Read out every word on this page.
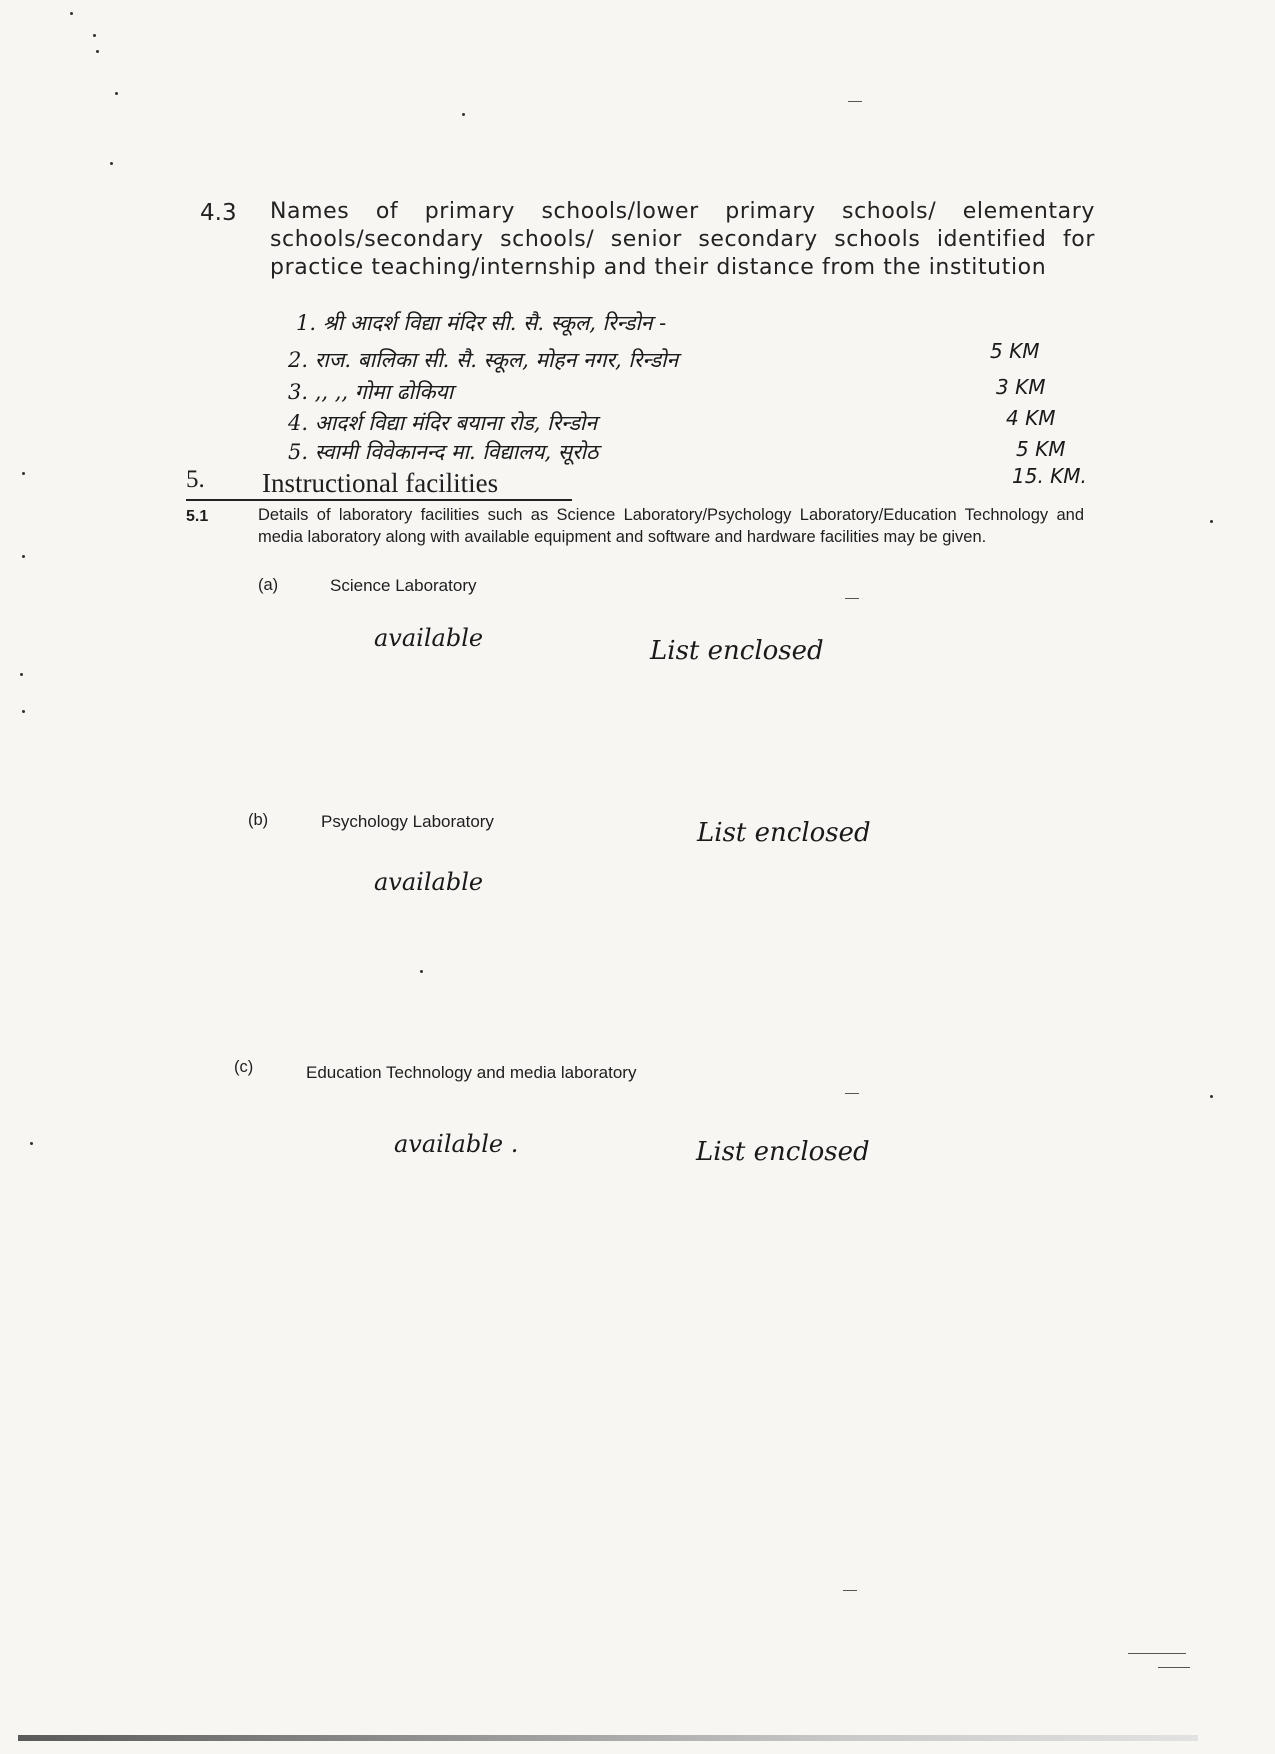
4.3 Names of primary schools/lower primary schools/ elementary schools/secondary schools/ senior secondary schools identified for practice teaching/internship and their distance from the institution
1. श्री आदर्श विद्या मंदिर सी. सै. स्कूल, रिन्डोन -
5 KM
2. राज. बालिका सी. सै. स्कूल, मोहन नगर, रिन्डोन
3 KM
3. ,, ,, गोमा ढोकिया
4 KM
4. आदर्श विद्या मंदिर बयाना रोड, रिन्डोन
5 KM
5. स्वामी विवेकानन्द मा. विद्यालय, सूरोठ
15. KM.
5. Instructional facilities
5.1	Details of laboratory facilities such as Science Laboratory/Psychology Laboratory/Education Technology and media laboratory along with available equipment and software and hardware facilities may be given.
(a)	Science Laboratory
available	List enclosed
(b)	Psychology Laboratory	List enclosed
available
(c)	Education Technology and media laboratory
available .	List enclosed
